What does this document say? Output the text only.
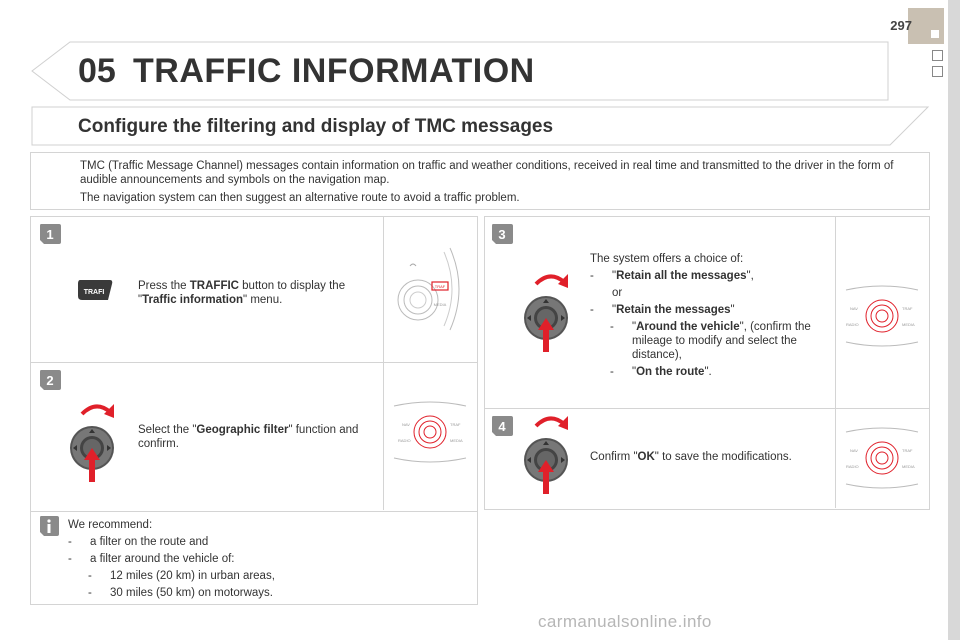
297
05 TRAFFIC INFORMATION
Configure the filtering and display of TMC messages

TMC (Traffic Message Channel) messages contain information on traffic and weather conditions, received in real time and transmitted to the driver in the form of audible announcements and symbols on the navigation map.

The navigation system can then suggest an alternative route to avoid a traffic problem.

1
TRAFI
Press the TRAFFIC button to display the "Traffic information" menu.
TRAF
MEDIA
2
Select the "Geographic filter" function and confirm.
NAV	TRAF
RADIO	MEDIA
We recommend:
- a filter on the route and
- a filter around the vehicle of:
- 12 miles (20 km) in urban areas,
- 30 miles (50 km) on motorways.
3
The system offers a choice of:
- "Retain all the messages",
or
- "Retain the messages"
- "Around the vehicle", (confirm the mileage to modify and select the distance),
- "On the route".
NAV	TRAF
RADIO	MEDIA
4
Confirm "OK" to save the modifications.
NAV	TRAF
RADIO	MEDIA
carmanualsonline.info
